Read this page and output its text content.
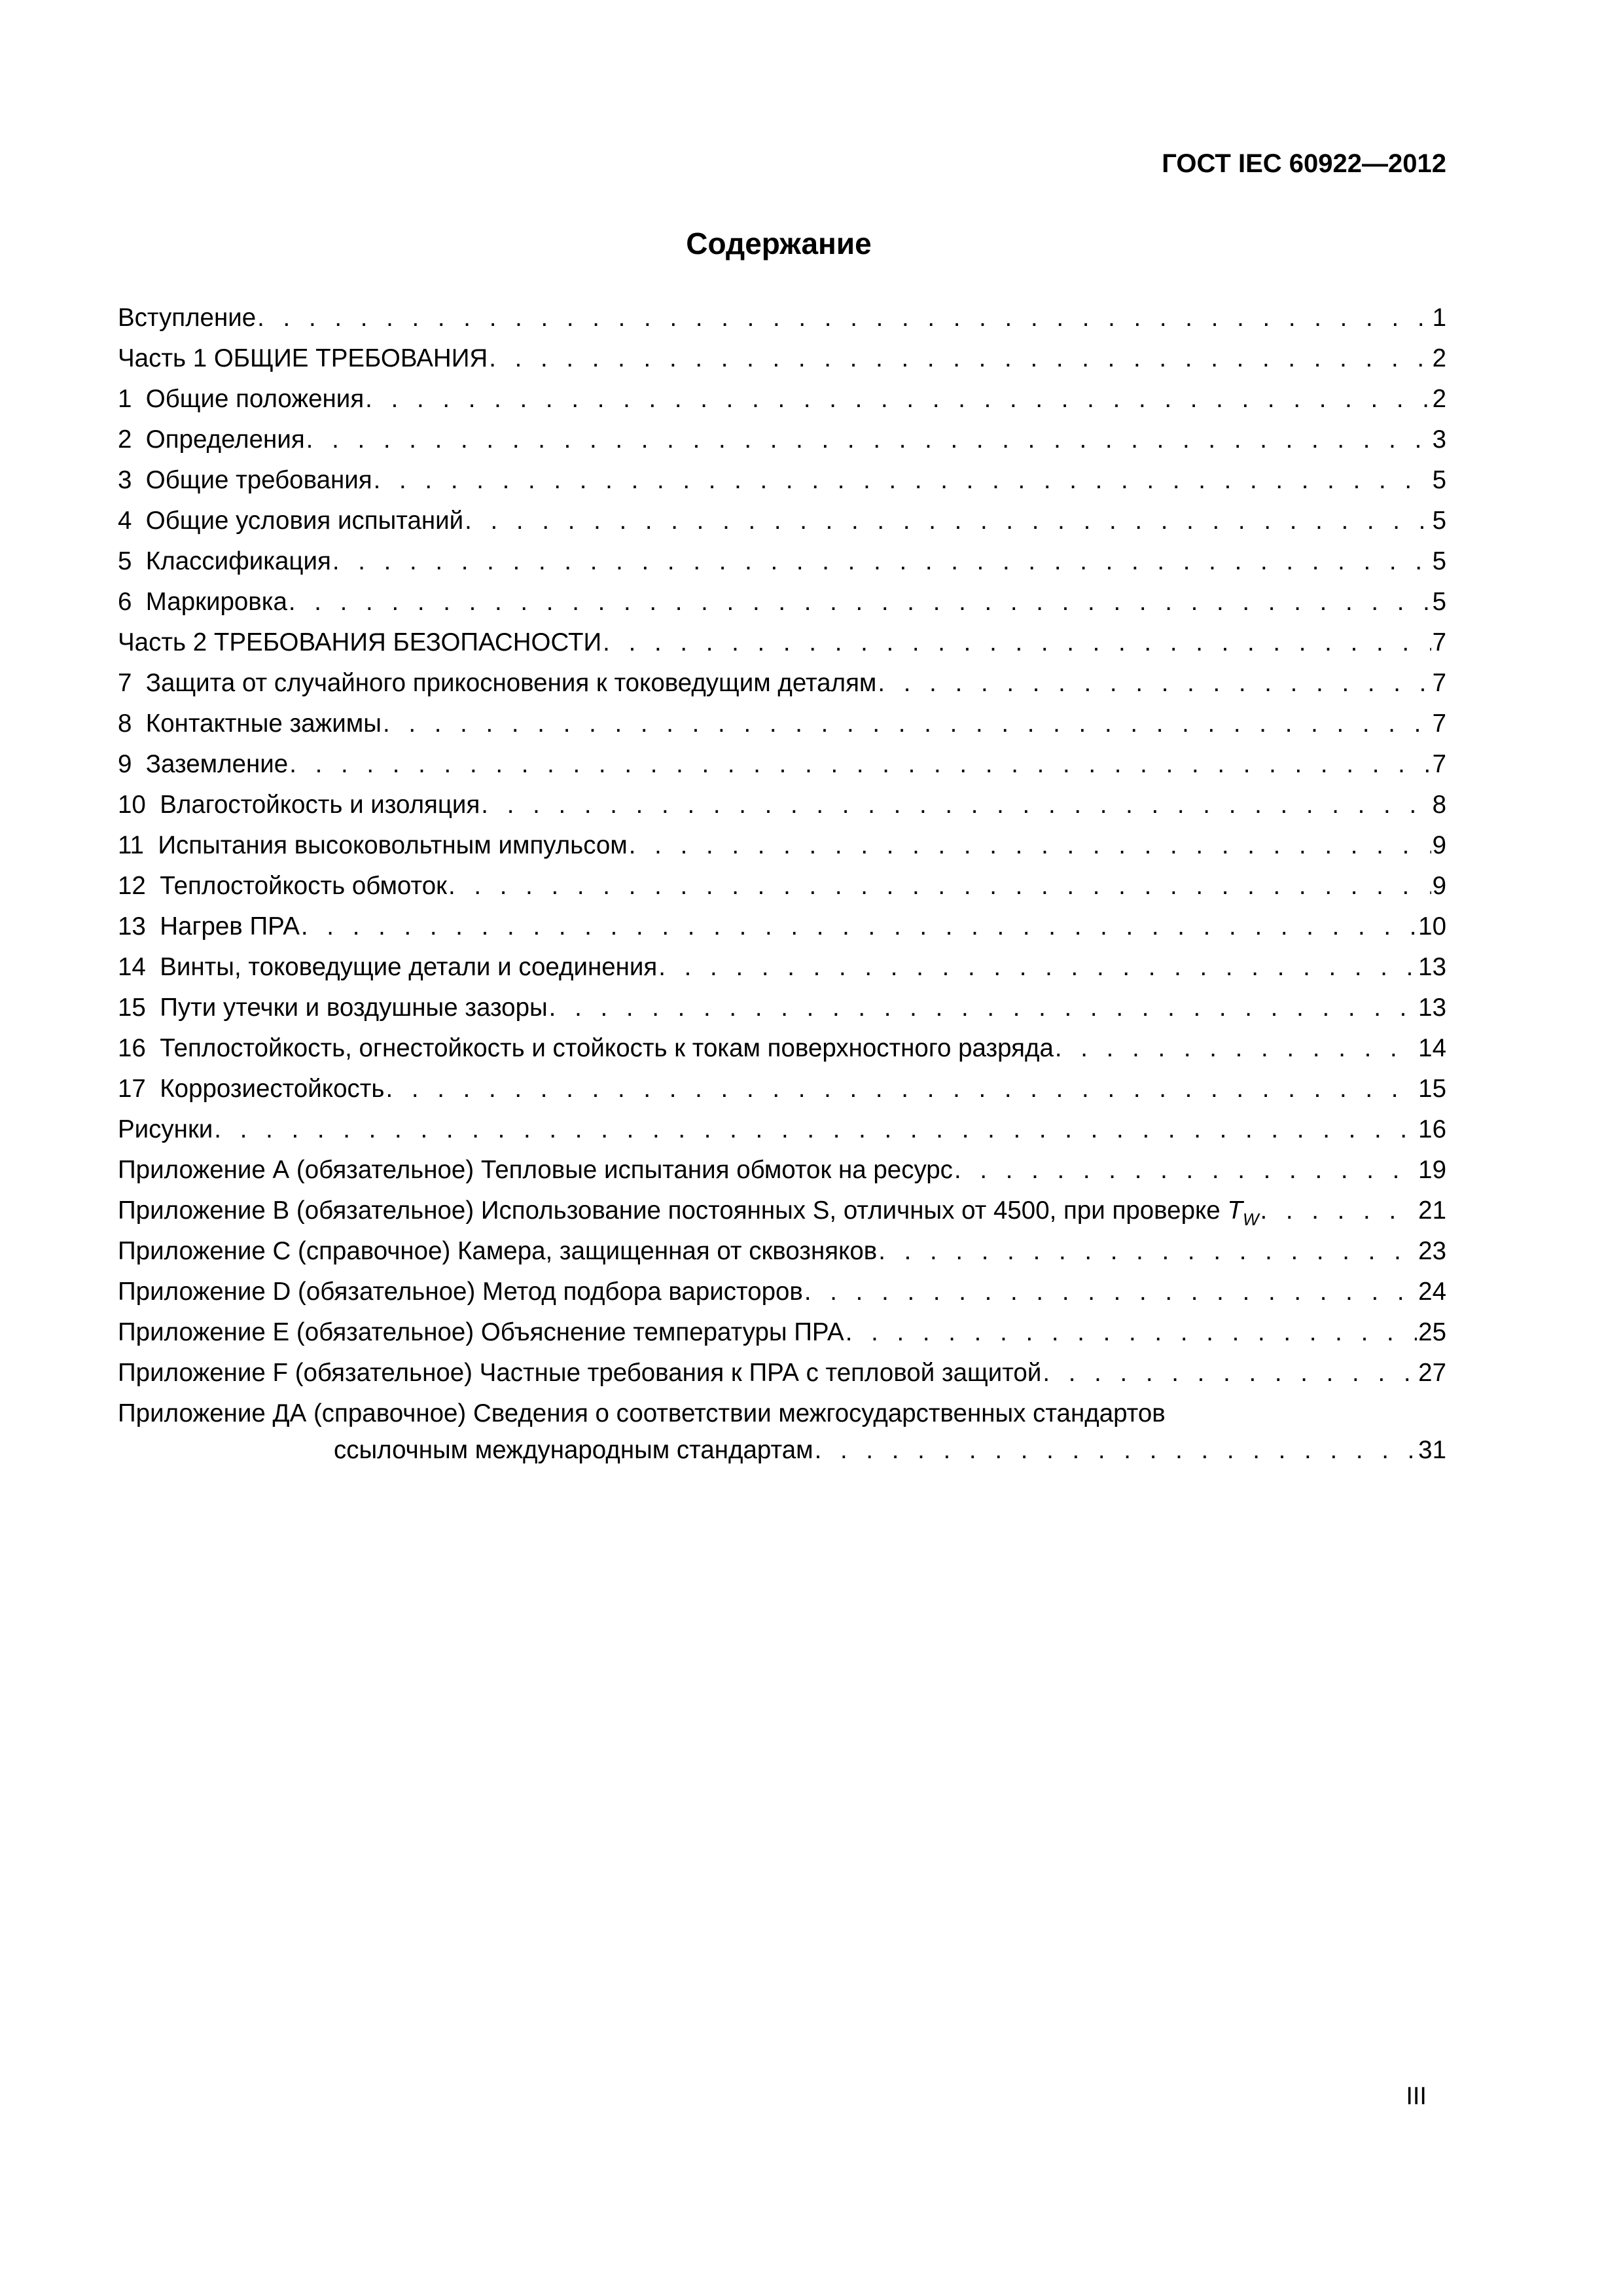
ГОСТ IEC 60922—2012
Содержание
Вступление . . .	1
Часть 1 ОБЩИЕ ТРЕБОВАНИЯ . . .	2
1  Общие положения . . .	2
2  Определения . . .	3
3  Общие требования . . .	5
4  Общие условия испытаний . . .	5
5  Классификация . . .	5
6  Маркировка . . .	5
Часть 2 ТРЕБОВАНИЯ БЕЗОПАСНОСТИ . . .	7
7  Защита от случайного прикосновения к токоведущим деталям . . .	7
8  Контактные зажимы . . .	7
9  Заземление . . .	7
10  Влагостойкость и изоляция . . .	8
11  Испытания высоковольтным импульсом . . .	9
12  Теплостойкость обмоток . . .	9
13  Нагрев ПРА . . .	10
14  Винты, токоведущие детали и соединения . . .	13
15  Пути утечки и воздушные зазоры . . .	13
16  Теплостойкость, огнестойкость и стойкость к токам поверхностного разряда . . .	14
17  Коррозиестойкость . . .	15
Рисунки . . .	16
Приложение А (обязательное) Тепловые испытания обмоток на ресурс . . .	19
Приложение В (обязательное) Использование постоянных S, отличных от 4500, при проверке $T_W$ . . .	21
Приложение С (справочное) Камера, защищенная от сквозняков . . .	23
Приложение D (обязательное) Метод подбора варисторов . . .	24
Приложение Е (обязательное) Объяснение температуры ПРА . . .	25
Приложение F (обязательное) Частные требования к ПРА с тепловой защитой . . .	27
Приложение ДА (справочное) Сведения о соответствии межгосударственных стандартов
ссылочным международным стандартам . . .	31
III
